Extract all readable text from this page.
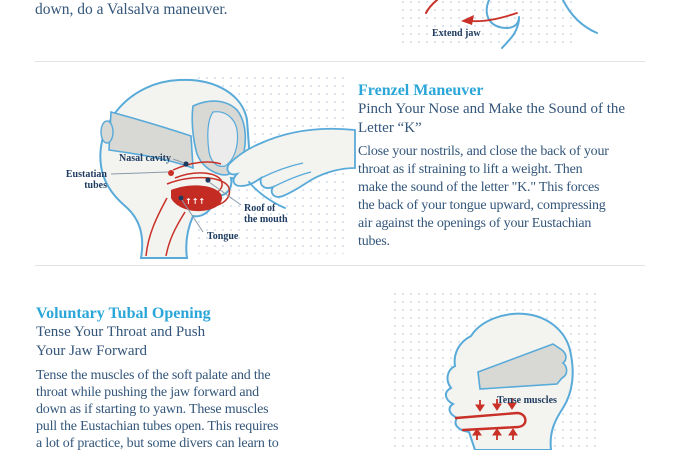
down, do a Valsalva maneuver.
Extend jaw
↑↑↑
Nasal cavity
Eustatian
tubes
Roof of
the mouth
Tongue
Frenzel Maneuver
Pinch Your Nose and Make the Sound of the
Letter “K”
Close your nostrils, and close the back of your
throat as if straining to lift a weight. Then
make the sound of the letter "K." This forces
the back of your tongue upward, compressing
air against the openings of your Eustachian
tubes.
Voluntary Tubal Opening
Tense Your Throat and Push
Your Jaw Forward
Tense the muscles of the soft palate and the
throat while pushing the jaw forward and
down as if starting to yawn. These muscles
pull the Eustachian tubes open. This requires
a lot of practice, but some divers can learn to
Tense muscles
